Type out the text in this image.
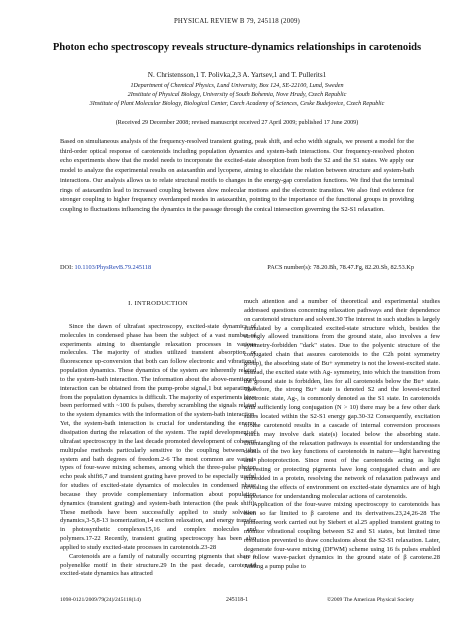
PHYSICAL REVIEW B 79, 245118 (2009)
Photon echo spectroscopy reveals structure-dynamics relationships in carotenoids
N. Christensson,1 T. Polivka,2,3 A. Yartsev,1 and T. Pullerits1
1Department of Chemical Physics, Lund University, Box 124, SE-22100, Lund, Sweden
2Institute of Physical Biology, University of South Bohemia, Nove Hrady, Czech Republic
3Institute of Plant Molecular Biology, Biological Center, Czech Academy of Sciences, Ceske Budejovice, Czech Republic
(Received 29 December 2008; revised manuscript received 27 April 2009; published 17 June 2009)
Based on simultaneous analysis of the frequency-resolved transient grating, peak shift, and echo width signals, we present a model for the third-order optical response of carotenoids including population dynamics and system-bath interactions. Our frequency-resolved photon echo experiments show that the model needs to incorporate the excited-state absorption from both the S2 and the S1 states. We apply our model to analyze the experimental results on astaxanthin and lycopene, aiming to elucidate the relation between structure and system-bath interactions. Our analysis allows us to relate structural motifs to changes in the energy-gap correlation functions. We find that the terminal rings of astaxanthin lead to increased coupling between slow molecular motions and the electronic transition. We also find evidence for stronger coupling to higher frequency overdamped modes in astaxanthin, pointing to the importance of the functional groups in providing coupling to fluctuations influencing the dynamics in the passage through the conical intersection governing the S2-S1 relaxation.
DOI: 10.1103/PhysRevB.79.245118	PACS number(s): 78.20.Bh, 78.47.Fg, 82.20.Sb, 82.53.Kp
I. INTRODUCTION

Since the dawn of ultrafast spectroscopy, excited-state dynamics of molecules in condensed phase has been the subject of a vast number of experiments aiming to disentangle relaxation processes in various molecules. The majority of studies utilized transient absorption or fluorescence up-conversion that both can follow electronic and vibrational population dynamics. These dynamics of the system are inherently related to the system-bath interaction. The information about the above-mentioned interaction can be obtained from the pump-probe signal,1 but separating it from the population dynamics is difficult. The majority of experiments have been performed with ~100 fs pulses, thereby scrambling the signals related to the system dynamics with the information of the system-bath interaction. Yet, the system-bath interaction is crucial for understanding the energy dissipation during the relaxation of the system. The rapid development of ultrafast spectroscopy in the last decade promoted development of coherent multipulse methods particularly sensitive to the coupling between the system and bath degrees of freedom.2-6 The most common are various types of four-wave mixing schemes, among which the three-pulse photon echo peak shift6,7 and transient grating have proved to be especially useful for studies of excited-state dynamics of molecules in condensed phase because they provide complementary information about population dynamics (transient grating) and system-bath interaction (the peak shift). These methods have been successfully applied to study solvation dynamics,3-5,8-13 isomerization,14 exciton relaxation, and energy transfer in photosynthetic complexes15,16 and complex molecules and polymers.17-22 Recently, transient grating spectroscopy has been also applied to study excited-state processes in carotenoids.23-28

Carotenoids are a family of naturally occurring pigments that share a polyenelike motif in their structure.29 In the past decade, carotenoid excited-state dynamics has attracted

much attention and a number of theoretical and experimental studies addressed questions concerning relaxation pathways and their dependence on carotenoid structure and solvent.30 The interest in such studies is largely stimulated by a complicated excited-state structure which, besides the strongly allowed transitions from the ground state, also involves a few symmetry-forbidden "dark" states. Due to the polyenic structure of the conjugated chain that assures carotenoids to the C2h point symmetry group), the absorbing state of Bu+ symmetry is not the lowest-excited state. Instead, the excited state with Ag- symmetry, into which the transition from the ground state is forbidden, lies for all carotenoids below the Bu+ state. Therefore, the strong Bu+ state is denoted S2 and the lowest-excited electronic state, Ag-, is commonly denoted as the S1 state. In carotenoids with sufficiently long conjugation (N > 10) there may be a few other dark states located within the S2-S1 energy gap.30-32 Consequently, excitation of the carotenoid results in a cascade of internal conversion processes which may involve dark state(s) located below the absorbing state. Disentangling of the relaxation pathways is essential for understanding the details of the two key functions of carotenoids in nature—light harvesting and photoprotection. Since most of the carotenoids acting as light harvesting or protecting pigments have long conjugated chain and are embedded in a protein, resolving the network of relaxation pathways and revealing the effects of environment on excited-state dynamics are of high importance for understanding molecular actions of carotenoids.

Application of the four-wave mixing spectroscopy to carotenoids has been so far limited to β carotene and its derivatives.23,24,26-28 The pioneering work carried out by Siebert et al.25 applied transient grating to monitor vibrational coupling between S2 and S1 states, but limited time resolution prevented to draw conclusions about the S2-S1 relaxation. Later, degenerate four-wave mixing (DFWM) scheme using 16 fs pulses enabled to follow wave-packet dynamics in the ground state of β carotene.28 Adding a pump pulse to

1098-0121/2009/79(24)/245118(14)	245118-1	©2009 The American Physical Society
